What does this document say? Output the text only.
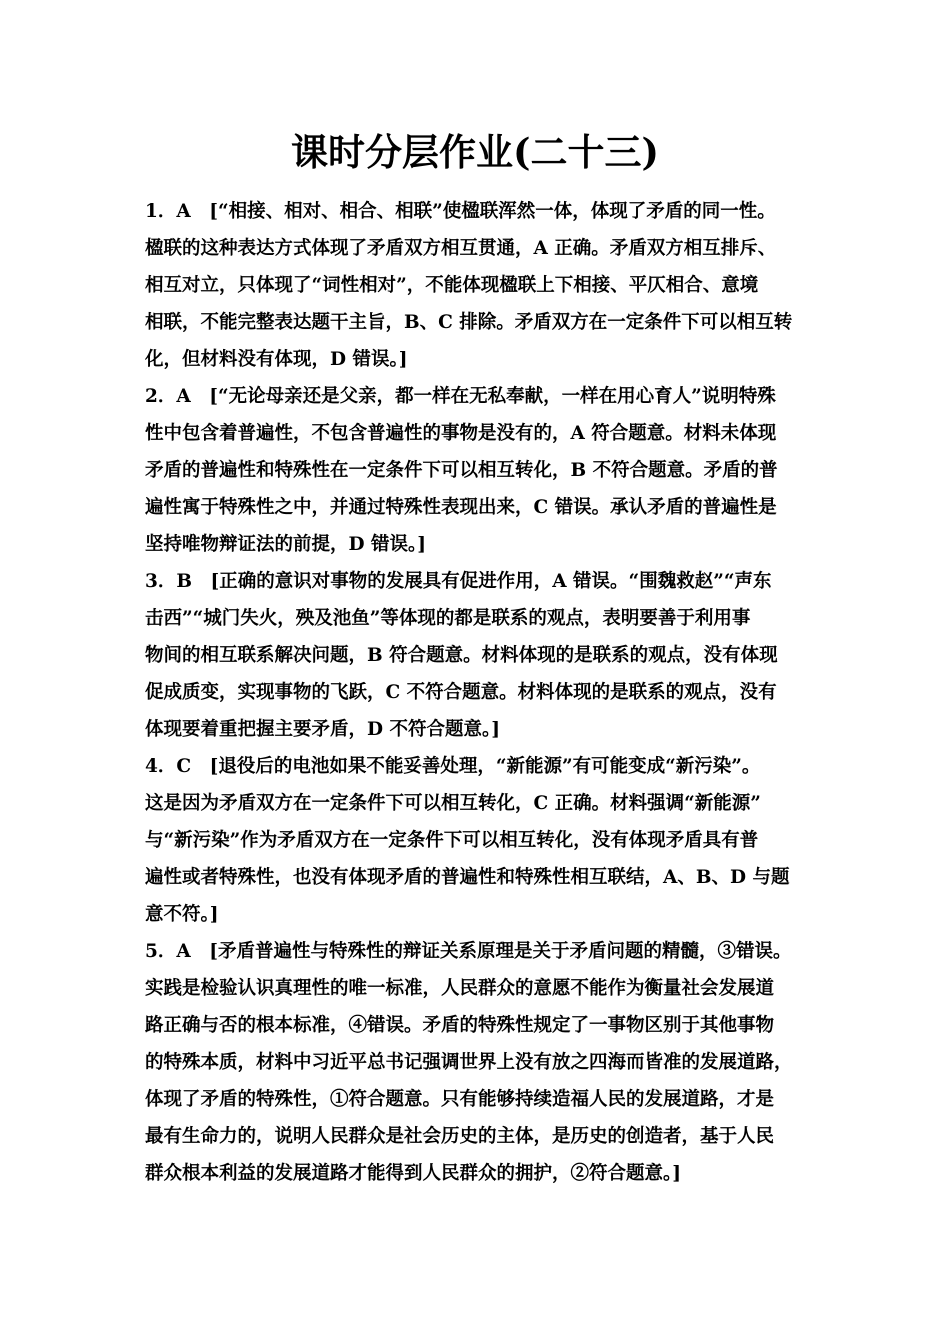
课时分层作业(二十三)
1．A　[“相接、相对、相合、相联”使楹联浑然一体，体现了矛盾的同一性。
楹联的这种表达方式体现了矛盾双方相互贯通，A 正确。矛盾双方相互排斥、
相互对立，只体现了“词性相对”，不能体现楹联上下相接、平仄相合、意境
相联，不能完整表达题干主旨，B、C 排除。矛盾双方在一定条件下可以相互转
化，但材料没有体现，D 错误。]
2．A　[“无论母亲还是父亲，都一样在无私奉献，一样在用心育人”说明特殊
性中包含着普遍性，不包含普遍性的事物是没有的，A 符合题意。材料未体现
矛盾的普遍性和特殊性在一定条件下可以相互转化，B 不符合题意。矛盾的普
遍性寓于特殊性之中，并通过特殊性表现出来，C 错误。承认矛盾的普遍性是
坚持唯物辩证法的前提，D 错误。]
3．B　[正确的意识对事物的发展具有促进作用，A 错误。“围魏救赵”“声东
击西”“城门失火，殃及池鱼”等体现的都是联系的观点，表明要善于利用事
物间的相互联系解决问题，B 符合题意。材料体现的是联系的观点，没有体现
促成质变，实现事物的飞跃，C 不符合题意。材料体现的是联系的观点，没有
体现要着重把握主要矛盾，D 不符合题意。]
4．C　[退役后的电池如果不能妥善处理，“新能源”有可能变成“新污染”。
这是因为矛盾双方在一定条件下可以相互转化，C 正确。材料强调“新能源”
与“新污染”作为矛盾双方在一定条件下可以相互转化，没有体现矛盾具有普
遍性或者特殊性，也没有体现矛盾的普遍性和特殊性相互联结，A、B、D 与题
意不符。]
5．A　[矛盾普遍性与特殊性的辩证关系原理是关于矛盾问题的精髓，③错误。
实践是检验认识真理性的唯一标准，人民群众的意愿不能作为衡量社会发展道
路正确与否的根本标准，④错误。矛盾的特殊性规定了一事物区别于其他事物
的特殊本质，材料中习近平总书记强调世界上没有放之四海而皆准的发展道路，
体现了矛盾的特殊性，①符合题意。只有能够持续造福人民的发展道路，才是
最有生命力的，说明人民群众是社会历史的主体，是历史的创造者，基于人民
群众根本利益的发展道路才能得到人民群众的拥护，②符合题意。]
